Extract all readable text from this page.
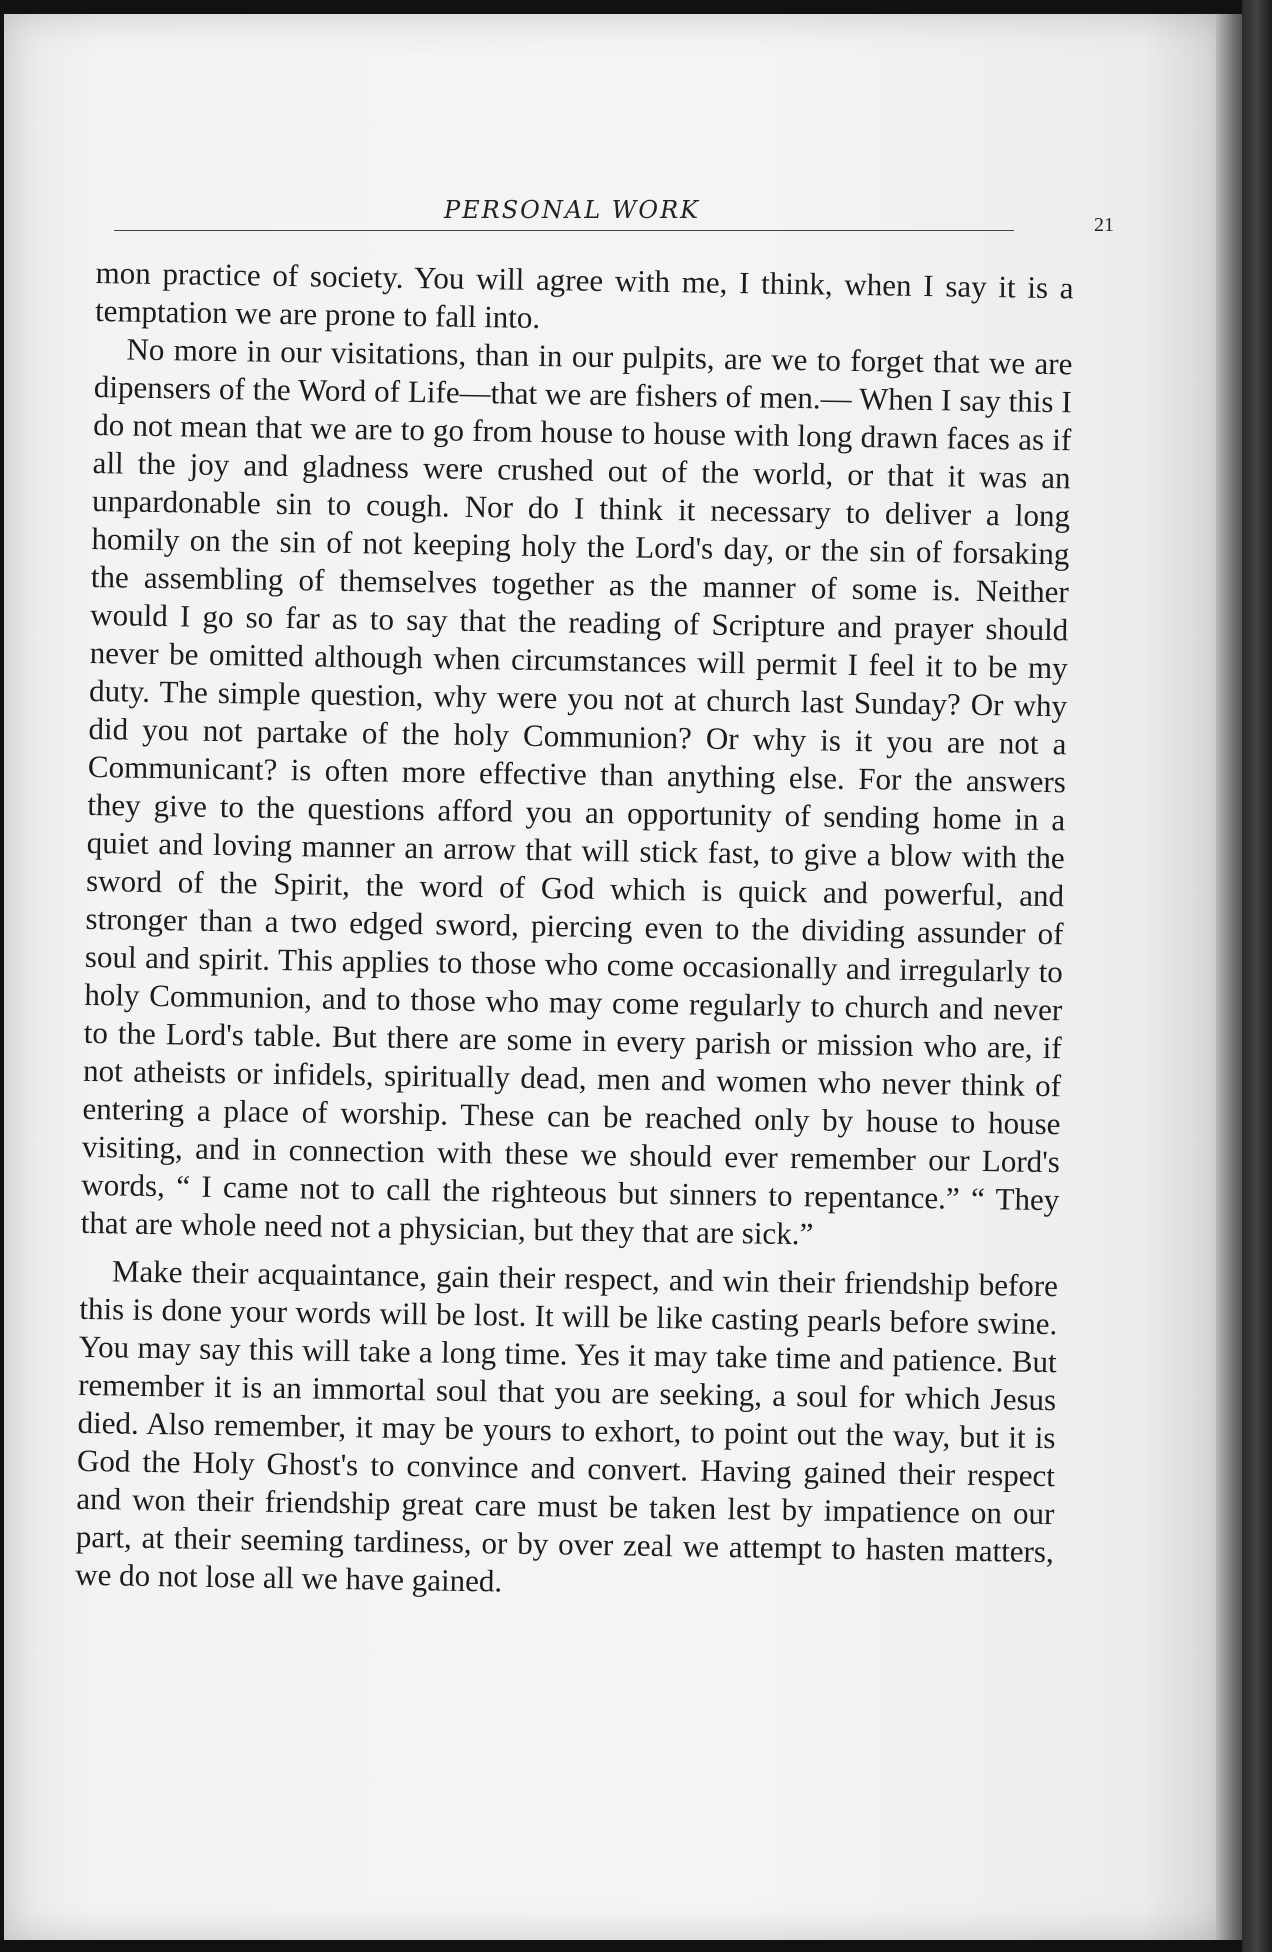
PERSONAL WORK
21

mon practice of society. You will agree with me, I think, when I say it is a temptation we are prone to fall into.

No more in our visitations, than in our pulpits, are we to forget that we are dipensers of the Word of Life—that we are fishers of men.— When I say this I do not mean that we are to go from house to house with long drawn faces as if all the joy and gladness were crushed out of the world, or that it was an unpardonable sin to cough. Nor do I think it necessary to deliver a long homily on the sin of not keeping holy the Lord's day, or the sin of forsaking the assembling of themselves together as the manner of some is. Neither would I go so far as to say that the reading of Scripture and prayer should never be omitted although when circumstances will permit I feel it to be my duty. The simple question, why were you not at church last Sunday? Or why did you not partake of the holy Communion? Or why is it you are not a Communicant? is often more effective than anything else. For the answers they give to the questions afford you an opportunity of sending home in a quiet and loving manner an arrow that will stick fast, to give a blow with the sword of the Spirit, the word of God which is quick and powerful, and stronger than a two edged sword, piercing even to the dividing assunder of soul and spirit. This applies to those who come occasionally and irregularly to holy Communion, and to those who may come regularly to church and never to the Lord's table. But there are some in every parish or mission who are, if not atheists or infidels, spiritually dead, men and women who never think of entering a place of worship. These can be reached only by house to house visiting, and in connection with these we should ever remember our Lord's words, “ I came not to call the righteous but sinners to repentance.” “ They that are whole need not a physician, but they that are sick.”

Make their acquaintance, gain their respect, and win their friendship before this is done your words will be lost. It will be like casting pearls before swine. You may say this will take a long time. Yes it may take time and patience. But remember it is an immortal soul that you are seeking, a soul for which Jesus died. Also remember, it may be yours to exhort, to point out the way, but it is God the Holy Ghost's to convince and convert. Having gained their respect and won their friendship great care must be taken lest by impatience on our part, at their seeming tardiness, or by over zeal we attempt to hasten matters, we do not lose all we have gained.
